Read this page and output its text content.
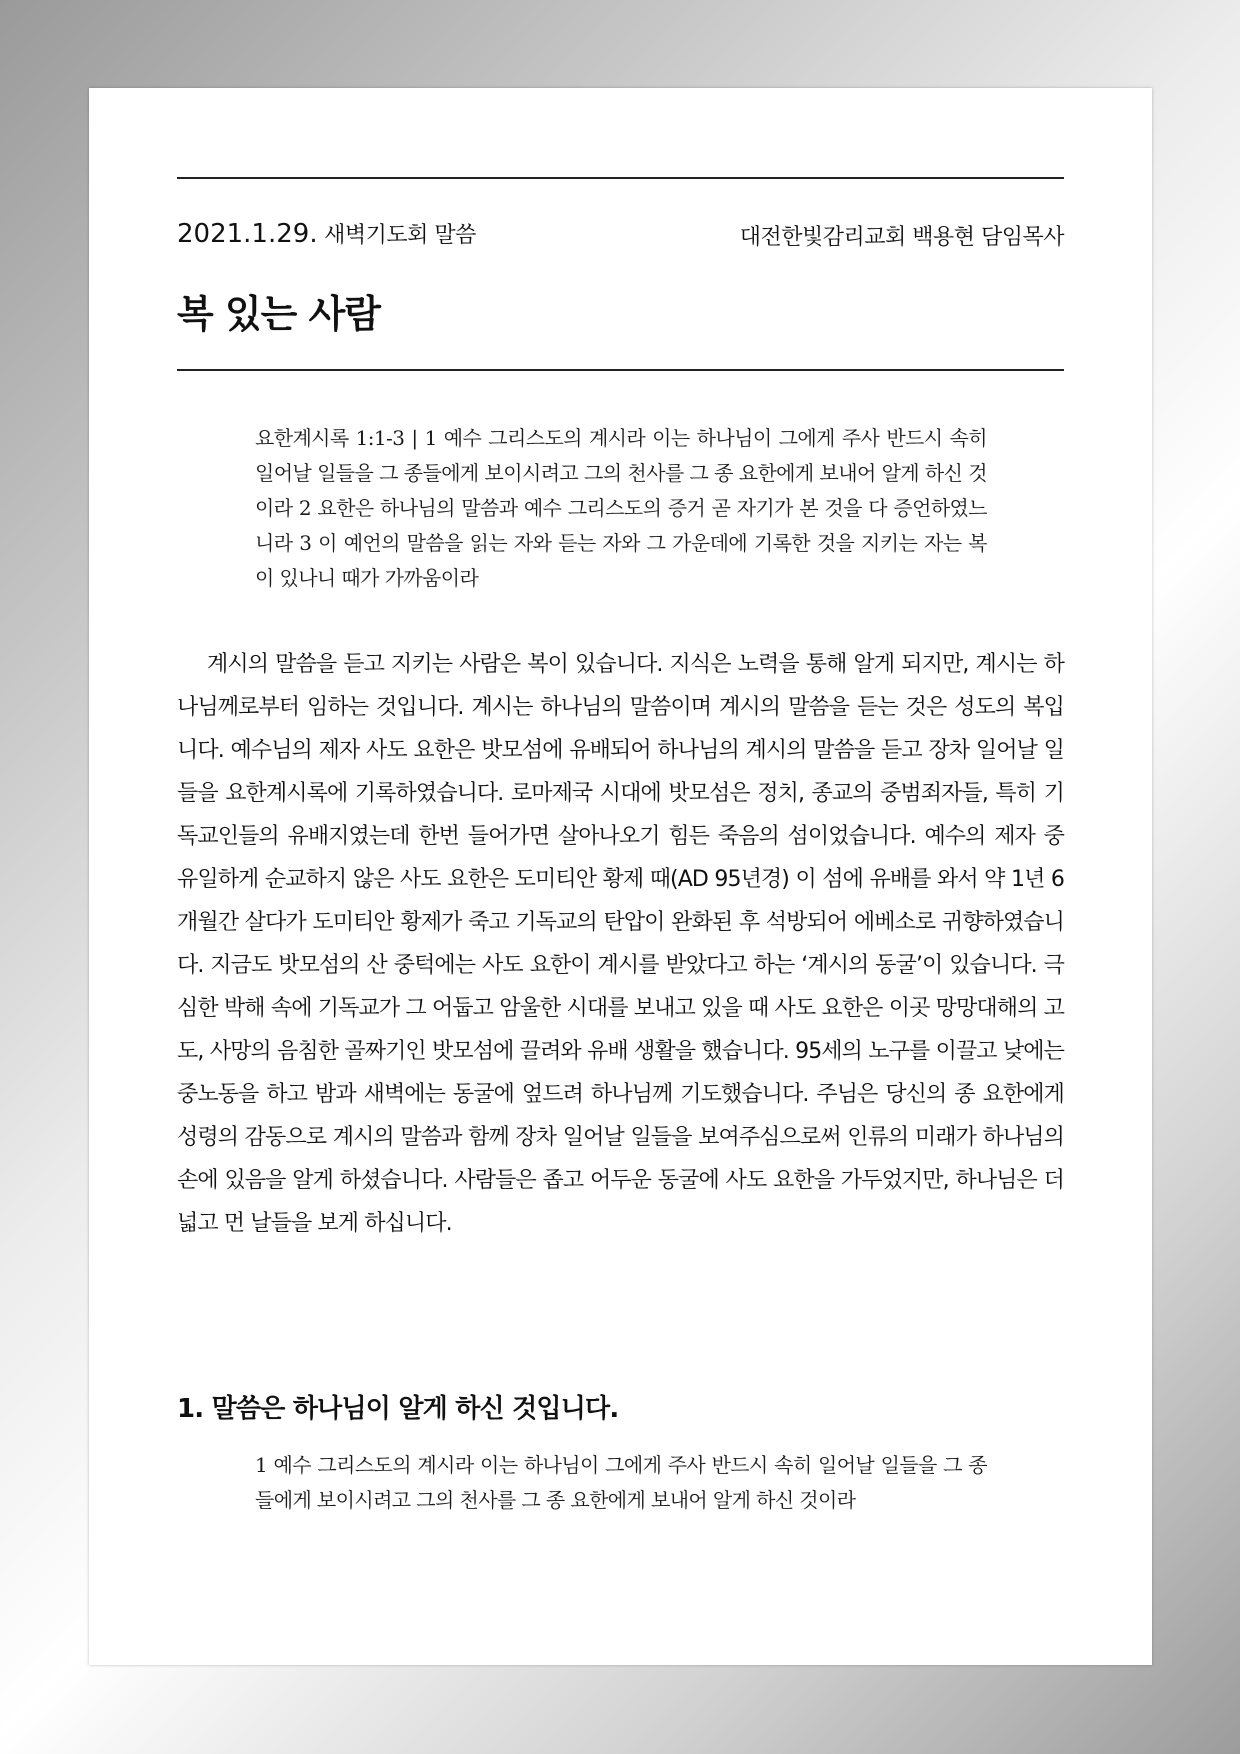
2021.1.29. 새벽기도회 말씀	대전한빛감리교회 백용현 담임목사
복 있는 사람

요한계시록 1:1-3 | 1 예수 그리스도의 계시라 이는 하나님이 그에게 주사 반드시 속히 일어날 일들을 그 종들에게 보이시려고 그의 천사를 그 종 요한에게 보내어 알게 하신 것이라 2 요한은 하나님의 말씀과 예수 그리스도의 증거 곧 자기가 본 것을 다 증언하였느니라 3 이 예언의 말씀을 읽는 자와 듣는 자와 그 가운데에 기록한 것을 지키는 자는 복이 있나니 때가 가까움이라

계시의 말씀을 듣고 지키는 사람은 복이 있습니다. 지식은 노력을 통해 알게 되지만, 계시는 하나님께로부터 임하는 것입니다. 계시는 하나님의 말씀이며 계시의 말씀을 듣는 것은 성도의 복입니다. 예수님의 제자 사도 요한은 밧모섬에 유배되어 하나님의 계시의 말씀을 듣고 장차 일어날 일들을 요한계시록에 기록하였습니다. 로마제국 시대에 밧모섬은 정치, 종교의 중범죄자들, 특히 기독교인들의 유배지였는데 한번 들어가면 살아나오기 힘든 죽음의 섬이었습니다. 예수의 제자 중 유일하게 순교하지 않은 사도 요한은 도미티안 황제 때(AD 95년경) 이 섬에 유배를 와서 약 1년 6개월간 살다가 도미티안 황제가 죽고 기독교의 탄압이 완화된 후 석방되어 에베소로 귀향하였습니다. 지금도 밧모섬의 산 중턱에는 사도 요한이 계시를 받았다고 하는 ‘계시의 동굴’이 있습니다. 극심한 박해 속에 기독교가 그 어둡고 암울한 시대를 보내고 있을 때 사도 요한은 이곳 망망대해의 고도, 사망의 음침한 골짜기인 밧모섬에 끌려와 유배 생활을 했습니다. 95세의 노구를 이끌고 낮에는 중노동을 하고 밤과 새벽에는 동굴에 엎드려 하나님께 기도했습니다. 주님은 당신의 종 요한에게 성령의 감동으로 계시의 말씀과 함께 장차 일어날 일들을 보여주심으로써 인류의 미래가 하나님의 손에 있음을 알게 하셨습니다. 사람들은 좁고 어두운 동굴에 사도 요한을 가두었지만, 하나님은 더 넓고 먼 날들을 보게 하십니다.

1. 말씀은 하나님이 알게 하신 것입니다.

1 예수 그리스도의 계시라 이는 하나님이 그에게 주사 반드시 속히 일어날 일들을 그 종들에게 보이시려고 그의 천사를 그 종 요한에게 보내어 알게 하신 것이라
